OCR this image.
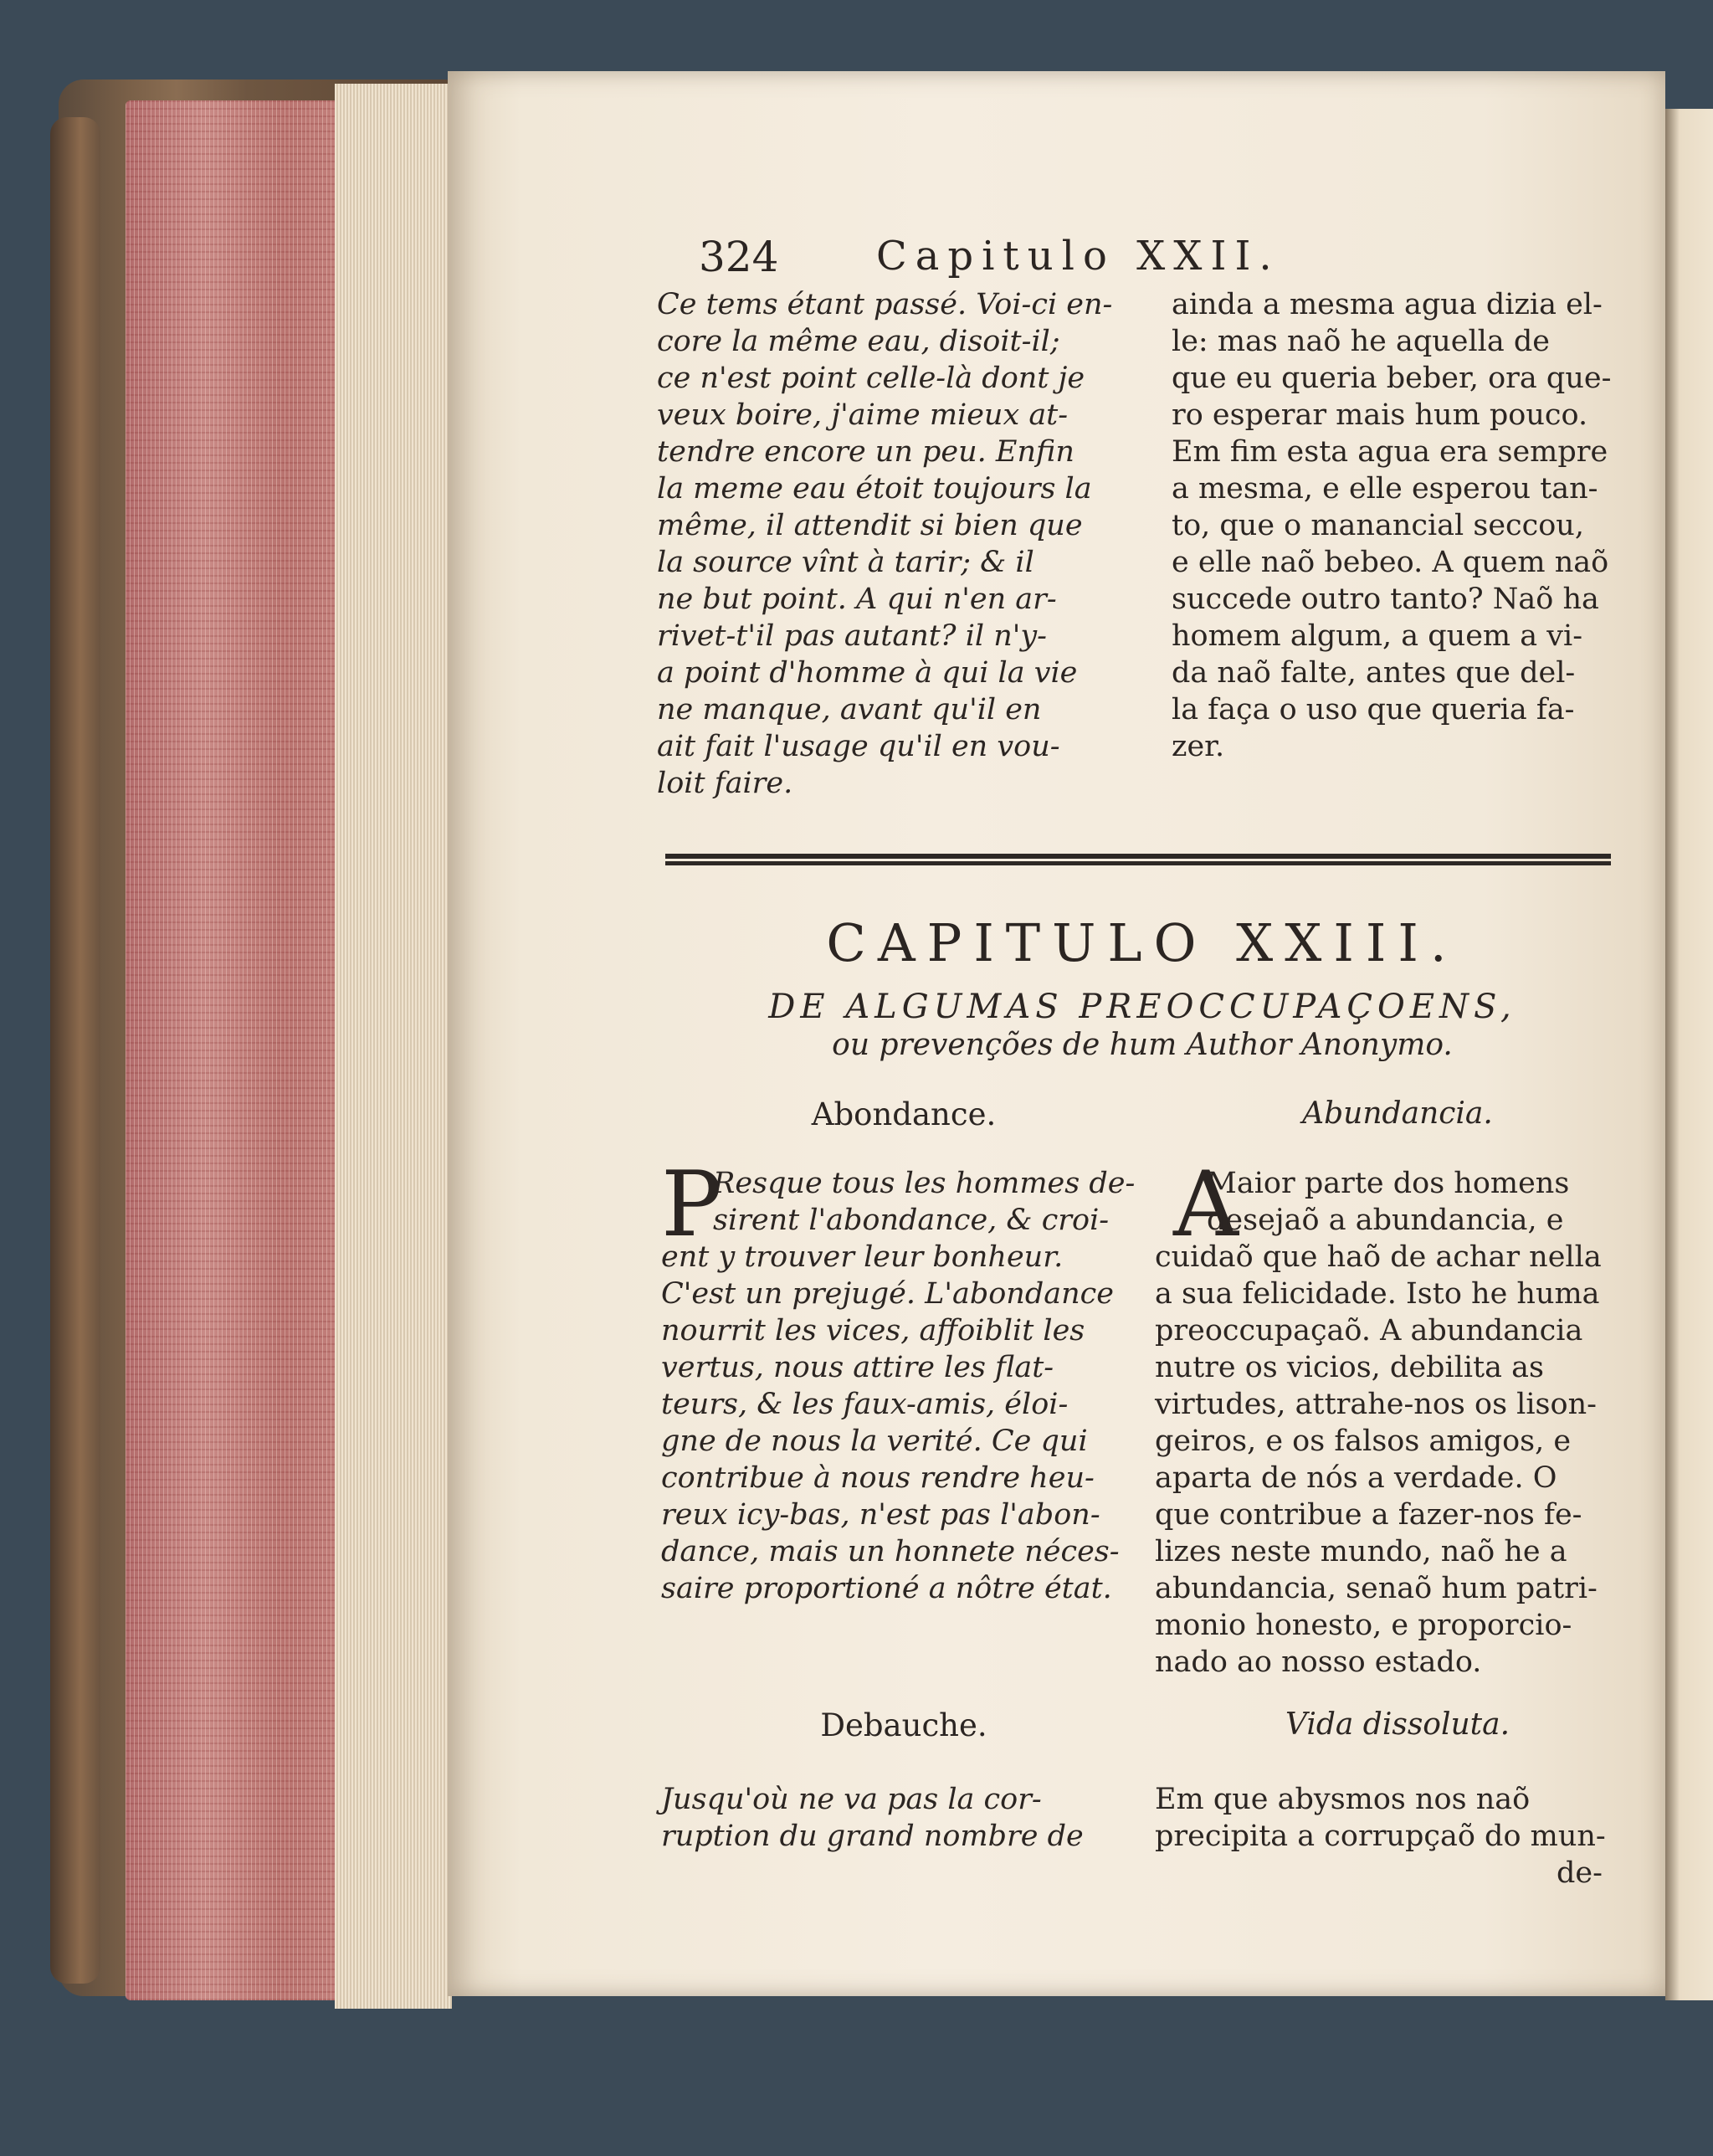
324 Capitulo XXII.
Ce tems étant passé. Voi-ci en-
core la même eau, disoit-il;
ce n'est point celle-là dont je
veux boire, j'aime mieux at-
tendre encore un peu. Enfin
la meme eau étoit toujours la
même, il attendit si bien que
la source vînt à tarir; & il
ne but point. A qui n'en ar-
rivet-t'il pas autant? il n'y-
a point d'homme à qui la vie
ne manque, avant qu'il en
ait fait l'usage qu'il en vou-
loit faire.
ainda a mesma agua dizia el-
le: mas naõ he aquella de
que eu queria beber, ora que-
ro esperar mais hum pouco.
Em fim esta agua era sempre
a mesma, e elle esperou tan-
to, que o manancial seccou,
e elle naõ bebeo. A quem naõ
succede outro tanto? Naõ ha
homem algum, a quem a vi-
da naõ falte, antes que del-
la faça o uso que queria fa-
zer.
CAPITULO XXIII.
DE ALGUMAS PREOCCUPAÇOENS,
ou prevenções de hum Author Anonymo.
Abondance.	Abundancia.
P	A
Resque tous les hommes de-
sirent l'abondance, & croi-
ent y trouver leur bonheur.
C'est un prejugé. L'abondance
nourrit les vices, affoiblit les
vertus, nous attire les flat-
teurs, & les faux-amis, éloi-
gne de nous la verité. Ce qui
contribue à nous rendre heu-
reux icy-bas, n'est pas l'abon-
dance, mais un honnete néces-
saire proportioné a nôtre état.
Maior parte dos homens
desejaõ a abundancia, e
cuidaõ que haõ de achar nella
a sua felicidade. Isto he huma
preoccupaçaõ. A abundancia
nutre os vicios, debilita as
virtudes, attrahe-nos os lison-
geiros, e os falsos amigos, e
aparta de nós a verdade. O
que contribue a fazer-nos fe-
lizes neste mundo, naõ he a
abundancia, senaõ hum patri-
monio honesto, e proporcio-
nado ao nosso estado.
Debauche.	Vida dissoluta.
Jusqu'où ne va pas la cor-
ruption du grand nombre de
Em que abysmos nos naõ
precipita a corrupçaõ do mun-
de-
